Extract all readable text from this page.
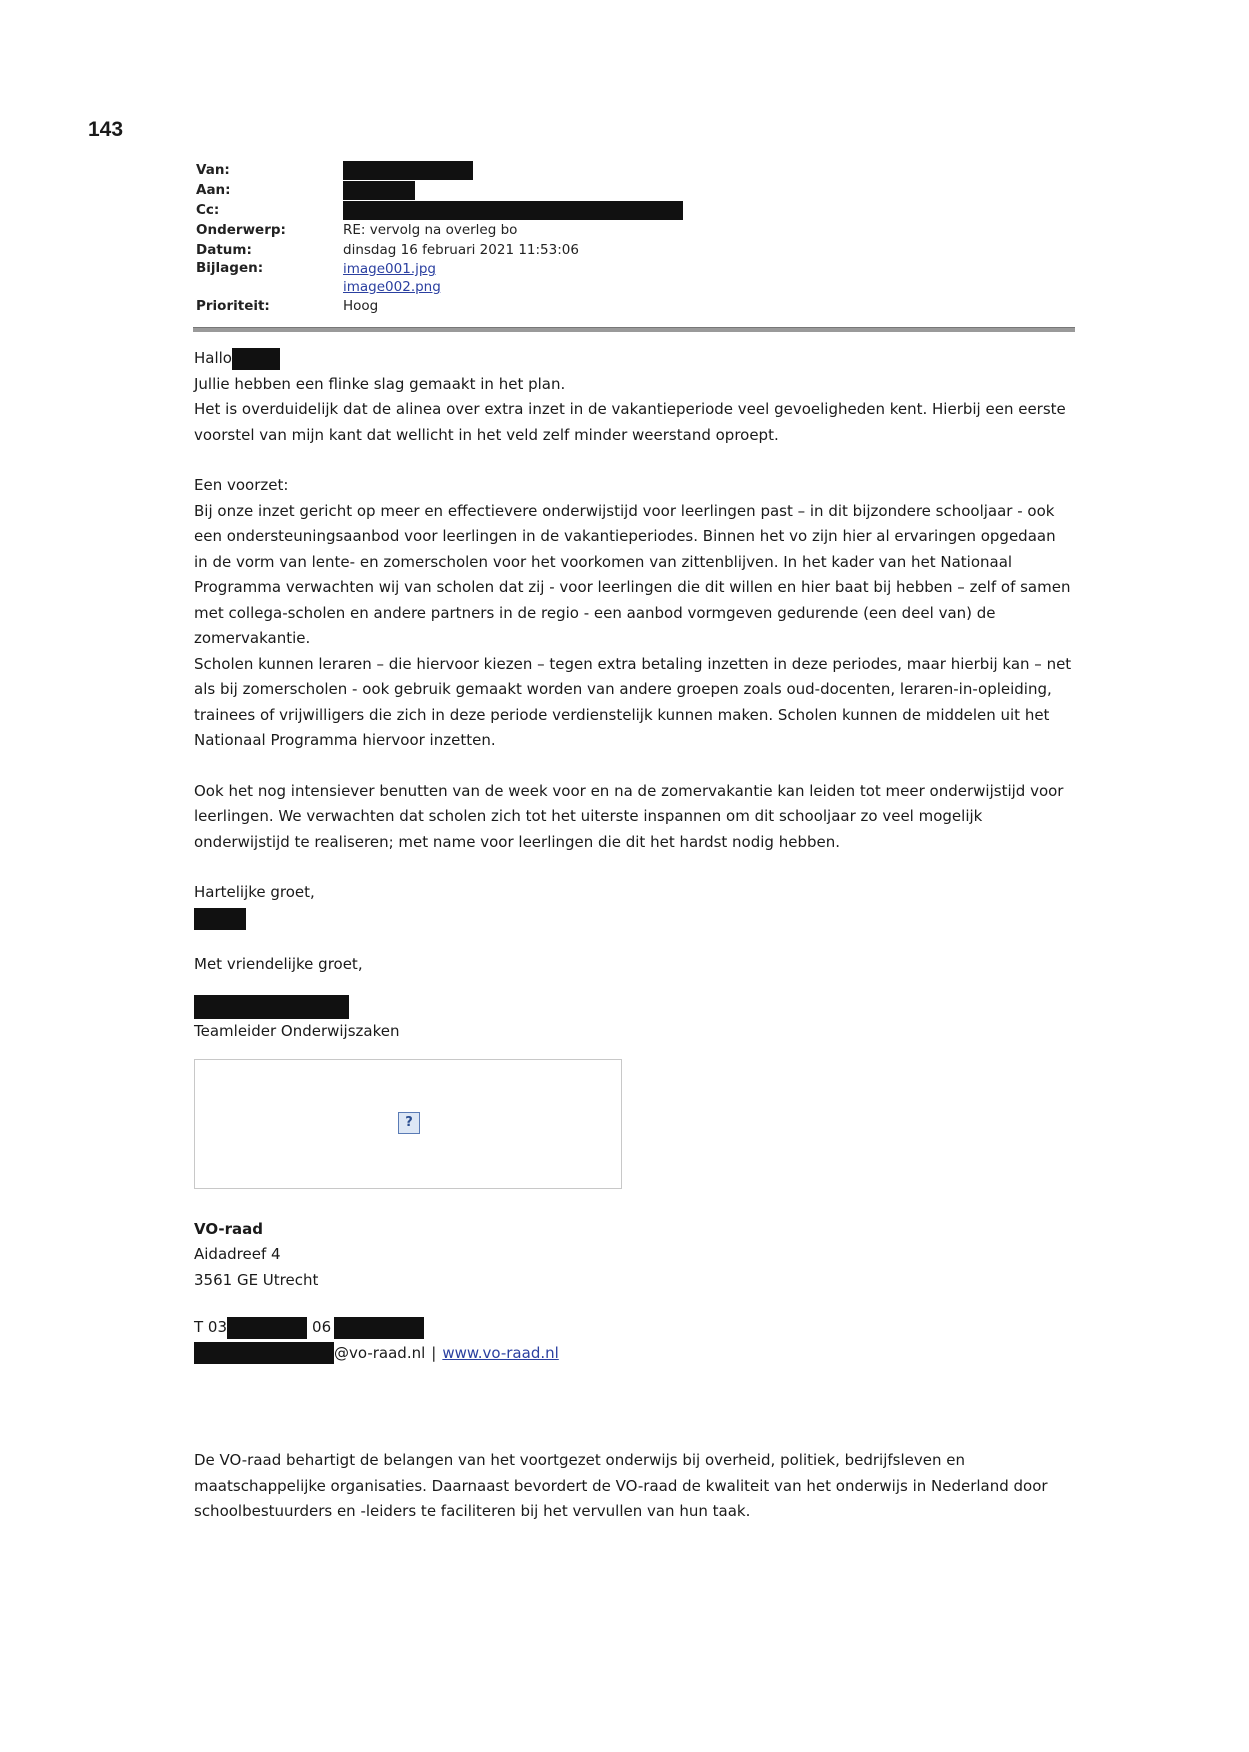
143
Van:
Aan:
Cc:
Onderwerp:	RE: vervolg na overleg bo
Datum:	dinsdag 16 februari 2021 11:53:06
Bijlagen:	image001.jpg
image002.png
Prioriteit:	Hoog
Hallo

Jullie hebben een flinke slag gemaakt in het plan.

Het is overduidelijk dat de alinea over extra inzet in de vakantieperiode veel gevoeligheden kent. Hierbij een eerste voorstel van mijn kant dat wellicht in het veld zelf minder weerstand oproept.

Een voorzet:

Bij onze inzet gericht op meer en effectievere onderwijstijd voor leerlingen past – in dit bijzondere schooljaar - ook een ondersteuningsaanbod voor leerlingen in de vakantieperiodes. Binnen het vo zijn hier al ervaringen opgedaan in de vorm van lente- en zomerscholen voor het voorkomen van zittenblijven. In het kader van het Nationaal Programma verwachten wij van scholen dat zij - voor leerlingen die dit willen en hier baat bij hebben – zelf of samen met collega-scholen en andere partners in de regio - een aanbod vormgeven gedurende (een deel van) de zomervakantie.

Scholen kunnen leraren – die hiervoor kiezen – tegen extra betaling inzetten in deze periodes, maar hierbij kan – net als bij zomerscholen - ook gebruik gemaakt worden van andere groepen zoals oud-docenten, leraren-in-opleiding, trainees of vrijwilligers die zich in deze periode verdienstelijk kunnen maken. Scholen kunnen de middelen uit het Nationaal Programma hiervoor inzetten.

Ook het nog intensiever benutten van de week voor en na de zomervakantie kan leiden tot meer onderwijstijd voor leerlingen. We verwachten dat scholen zich tot het uiterste inspannen om dit schooljaar zo veel mogelijk onderwijstijd te realiseren; met name voor leerlingen die dit het hardst nodig hebben.

Hartelijke groet,

Met vriendelijke groet,

Teamleider Onderwijszaken

?

VO-raad

Aidadreef 4

3561 GE Utrecht

T 03	06
@vo-raad.nl | www.vo-raad.nl

De VO-raad behartigt de belangen van het voortgezet onderwijs bij overheid, politiek, bedrijfsleven en maatschappelijke organisaties. Daarnaast bevordert de VO-raad de kwaliteit van het onderwijs in Nederland door schoolbestuurders en -leiders te faciliteren bij het vervullen van hun taak.
